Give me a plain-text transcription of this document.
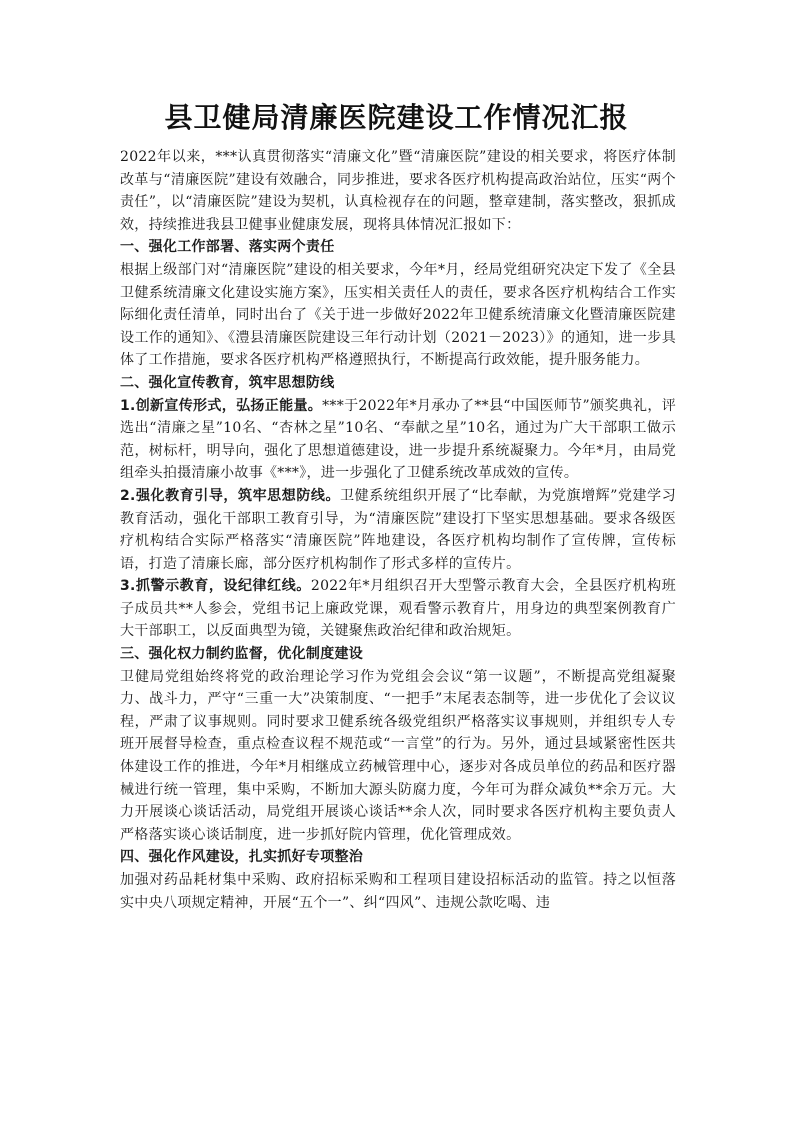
县卫健局清廉医院建设工作情况汇报

2022年以来，***认真贯彻落实“清廉文化”暨“清廉医院”建设的相关要求，将医疗体制改革与“清廉医院”建设有效融合，同步推进，要求各医疗机构提高政治站位，压实“两个责任”，以“清廉医院”建设为契机，认真检视存在的问题，整章建制，落实整改，狠抓成效，持续推进我县卫健事业健康发展，现将具体情况汇报如下：

一、强化工作部署、落实两个责任

根据上级部门对“清廉医院”建设的相关要求，今年*月，经局党组研究决定下发了《全县卫健系统清廉文化建设实施方案》，压实相关责任人的责任，要求各医疗机构结合工作实际细化责任清单，同时出台了《关于进一步做好2022年卫健系统清廉文化暨清廉医院建设工作的通知》、《澧县清廉医院建设三年行动计划（2021－2023）》的通知，进一步具体了工作措施，要求各医疗机构严格遵照执行，不断提高行政效能，提升服务能力。

二、强化宣传教育，筑牢思想防线

1.创新宣传形式，弘扬正能量。***于2022年*月承办了**县“中国医师节”颁奖典礼，评选出“清廉之星”10名、“杏林之星”10名、“奉献之星”10名，通过为广大干部职工做示范，树标杆，明导向，强化了思想道德建设，进一步提升系统凝聚力。今年*月，由局党组牵头拍摄清廉小故事《***》，进一步强化了卫健系统改革成效的宣传。

2.强化教育引导，筑牢思想防线。卫健系统组织开展了“比奉献，为党旗增辉”党建学习教育活动，强化干部职工教育引导，为“清廉医院”建设打下坚实思想基础。要求各级医疗机构结合实际严格落实“清廉医院”阵地建设，各医疗机构均制作了宣传牌，宣传标语，打造了清廉长廊，部分医疗机构制作了形式多样的宣传片。

3.抓警示教育，设纪律红线。2022年*月组织召开大型警示教育大会，全县医疗机构班子成员共**人参会，党组书记上廉政党课，观看警示教育片，用身边的典型案例教育广大干部职工，以反面典型为镜，关键聚焦政治纪律和政治规矩。

三、强化权力制约监督，优化制度建设

卫健局党组始终将党的政治理论学习作为党组会会议“第一议题”，不断提高党组凝聚力、战斗力，严守“三重一大”决策制度、“一把手”末尾表态制等，进一步优化了会议议程，严肃了议事规则。同时要求卫健系统各级党组织严格落实议事规则，并组织专人专班开展督导检查，重点检查议程不规范或“一言堂”的行为。另外，通过县域紧密性医共体建设工作的推进，今年*月相继成立药械管理中心，逐步对各成员单位的药品和医疗器械进行统一管理，集中采购，不断加大源头防腐力度，今年可为群众减负**余万元。大力开展谈心谈话活动，局党组开展谈心谈话**余人次，同时要求各医疗机构主要负责人严格落实谈心谈话制度，进一步抓好院内管理，优化管理成效。

四、强化作风建设，扎实抓好专项整治

加强对药品耗材集中采购、政府招标采购和工程项目建设招标活动的监管。持之以恒落实中央八项规定精神，开展“五个一”、纠“四风”、违规公款吃喝、违
